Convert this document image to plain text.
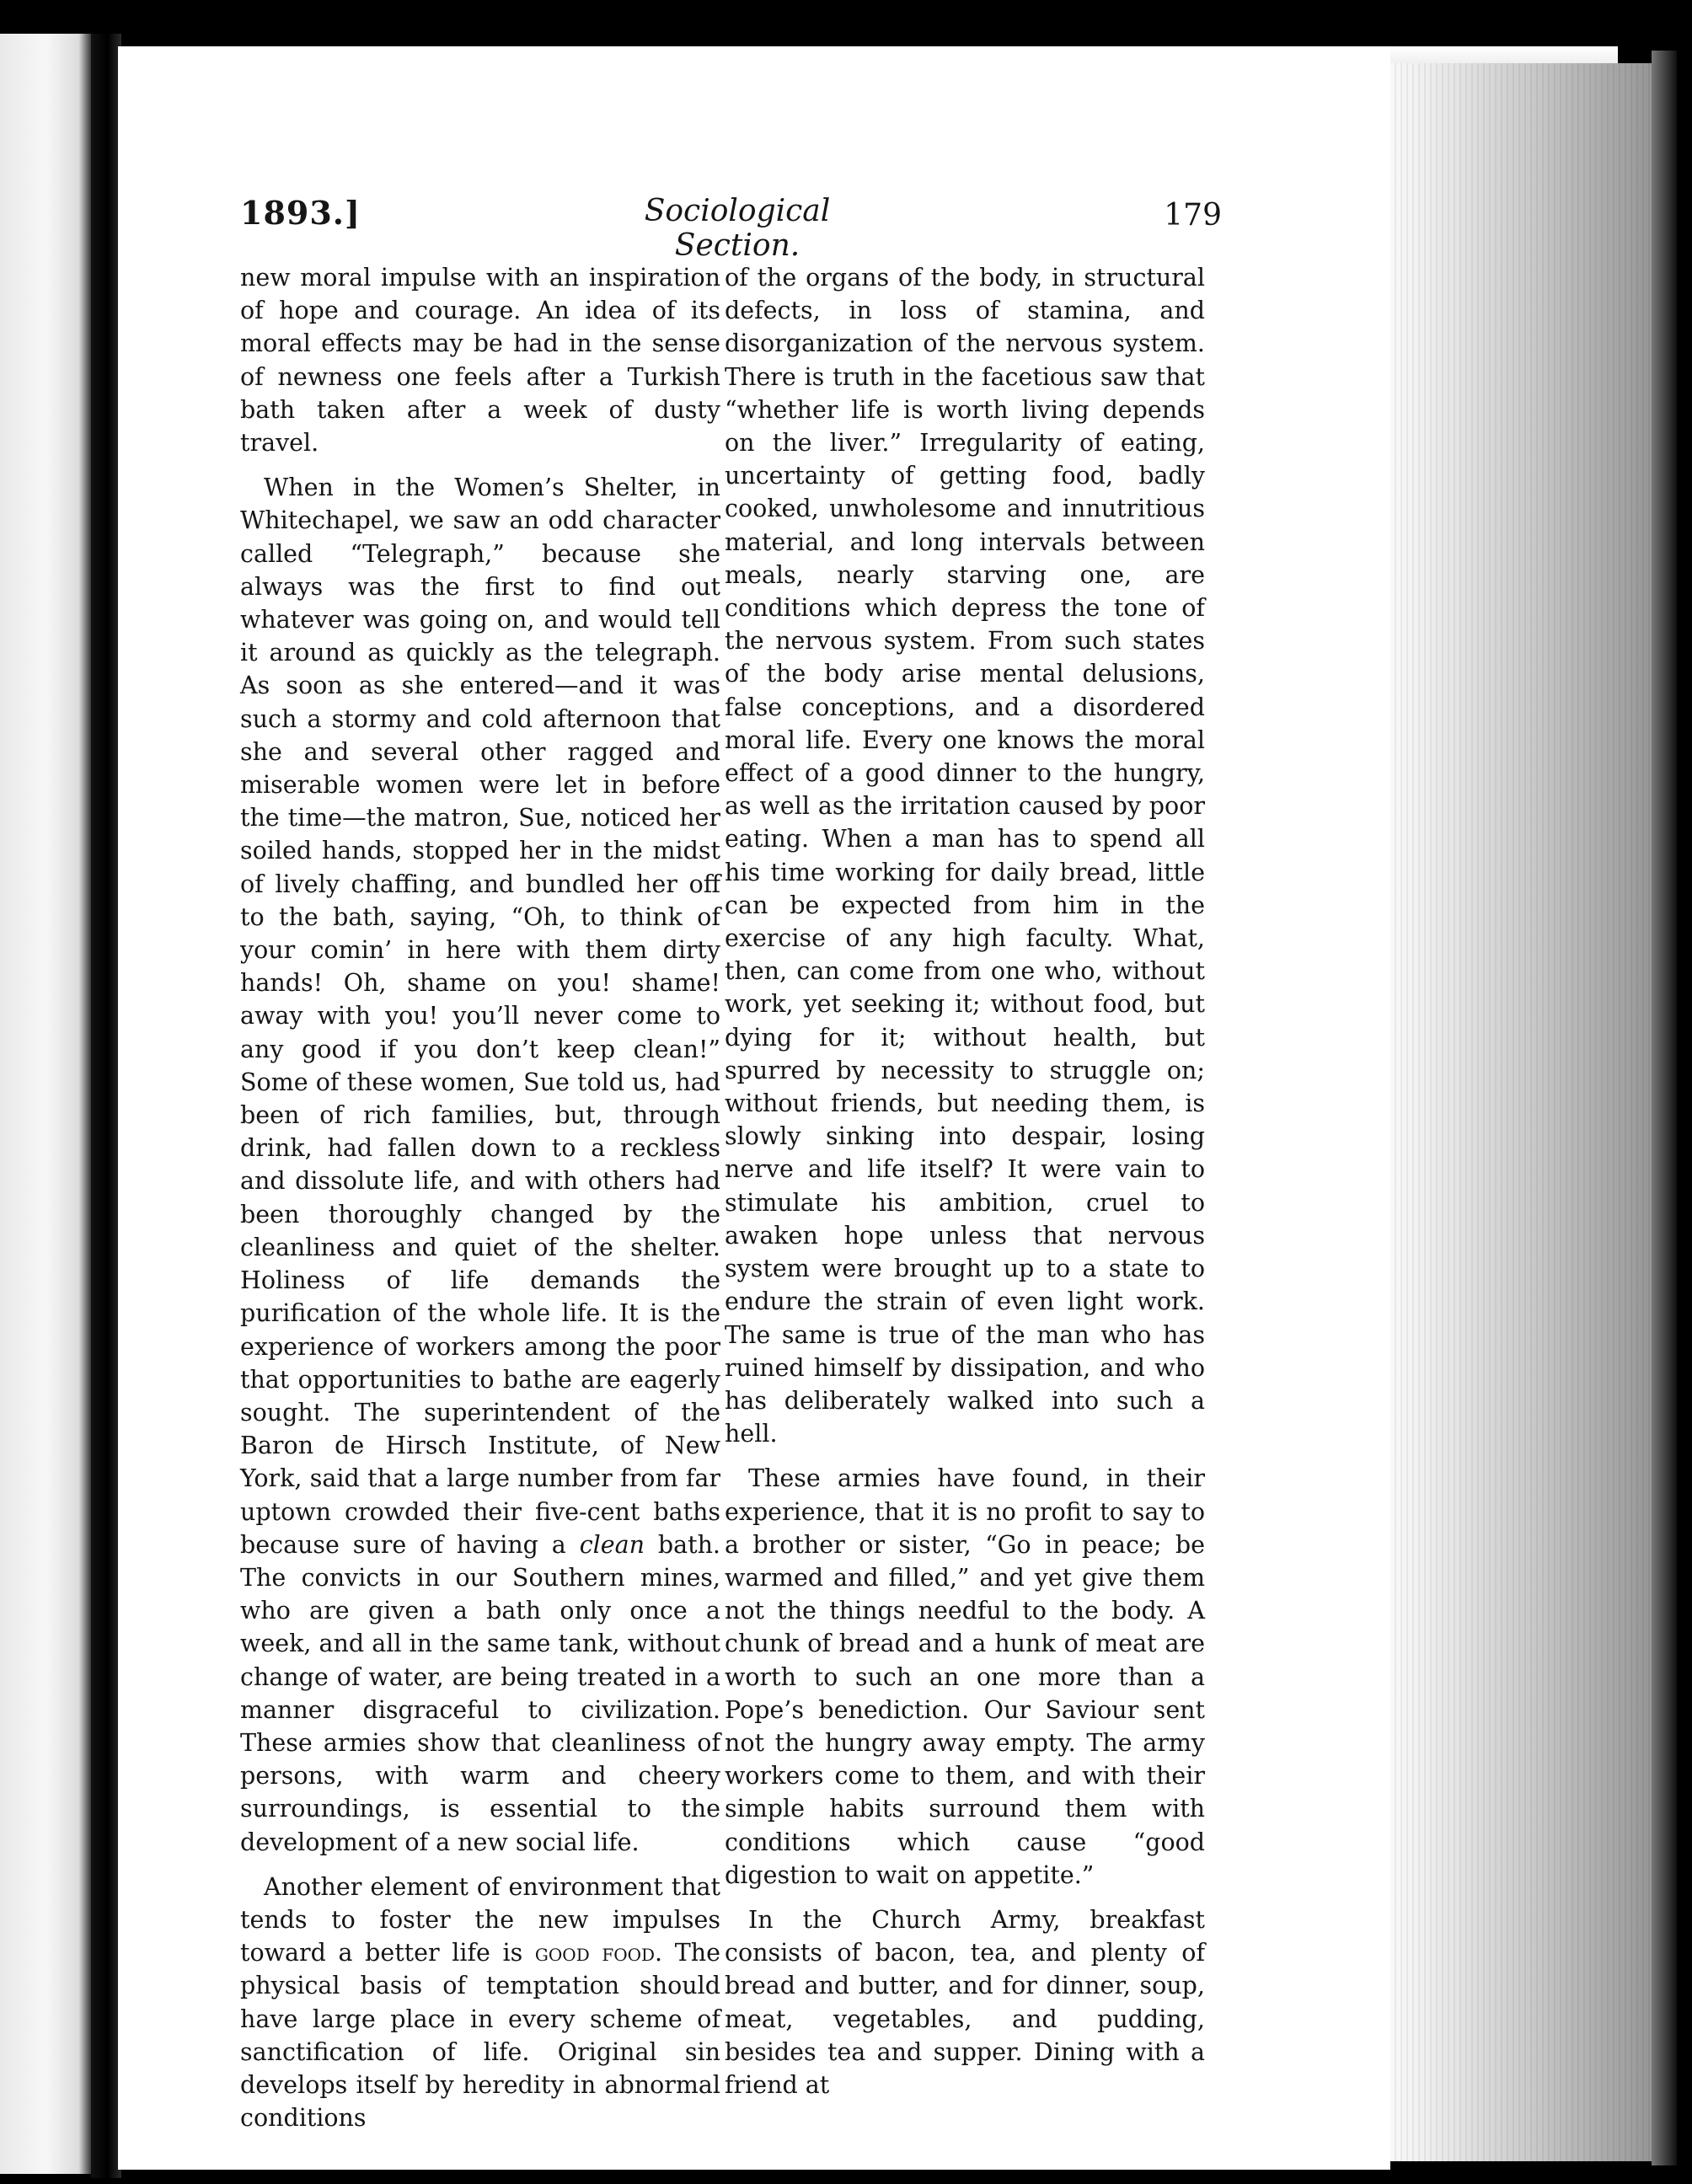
1893.]	Sociological Section.
179

new moral impulse with an inspiration of hope and courage. An idea of its moral effects may be had in the sense of newness one feels after a Turkish bath taken after a week of dusty travel.

When in the Women’s Shelter, in Whitechapel, we saw an odd character called “Telegraph,” because she always was the first to find out whatever was going on, and would tell it around as quickly as the telegraph. As soon as she entered—and it was such a stormy and cold afternoon that she and several other ragged and miserable women were let in before the time—the matron, Sue, noticed her soiled hands, stopped her in the midst of lively chaffing, and bundled her off to the bath, saying, “Oh, to think of your comin’ in here with them dirty hands! Oh, shame on you! shame! away with you! you’ll never come to any good if you don’t keep clean!” Some of these women, Sue told us, had been of rich families, but, through drink, had fallen down to a reckless and dissolute life, and with others had been thoroughly changed by the cleanliness and quiet of the shelter. Holiness of life demands the purification of the whole life. It is the experience of workers among the poor that opportunities to bathe are eagerly sought. The superintendent of the Baron de Hirsch Institute, of New York, said that a large number from far uptown crowded their five-cent baths because sure of having a clean bath. The convicts in our Southern mines, who are given a bath only once a week, and all in the same tank, without change of water, are being treated in a manner disgraceful to civilization. These armies show that cleanliness of persons, with warm and cheery surroundings, is essential to the development of a new social life.

Another element of environment that tends to foster the new impulses toward a better life is good food. The physical basis of temptation should have large place in every scheme of sanctification of life. Original sin develops itself by heredity in abnormal conditions

of the organs of the body, in structural defects, in loss of stamina, and disorganization of the nervous system. There is truth in the facetious saw that “whether life is worth living depends on the liver.” Irregularity of eating, uncertainty of getting food, badly cooked, unwholesome and innutritious material, and long intervals between meals, nearly starving one, are conditions which depress the tone of the nervous system. From such states of the body arise mental delusions, false conceptions, and a disordered moral life. Every one knows the moral effect of a good dinner to the hungry, as well as the irritation caused by poor eating. When a man has to spend all his time working for daily bread, little can be expected from him in the exercise of any high faculty. What, then, can come from one who, without work, yet seeking it; without food, but dying for it; without health, but spurred by necessity to struggle on; without friends, but needing them, is slowly sinking into despair, losing nerve and life itself? It were vain to stimulate his ambition, cruel to awaken hope unless that nervous system were brought up to a state to endure the strain of even light work. The same is true of the man who has ruined himself by dissipation, and who has deliberately walked into such a hell.

These armies have found, in their experience, that it is no profit to say to a brother or sister, “Go in peace; be warmed and filled,” and yet give them not the things needful to the body. A chunk of bread and a hunk of meat are worth to such an one more than a Pope’s benediction. Our Saviour sent not the hungry away empty. The army workers come to them, and with their simple habits surround them with conditions which cause “good digestion to wait on appetite.”

In the Church Army, breakfast consists of bacon, tea, and plenty of bread and butter, and for dinner, soup, meat, vegetables, and pudding, besides tea and supper. Dining with a friend at
